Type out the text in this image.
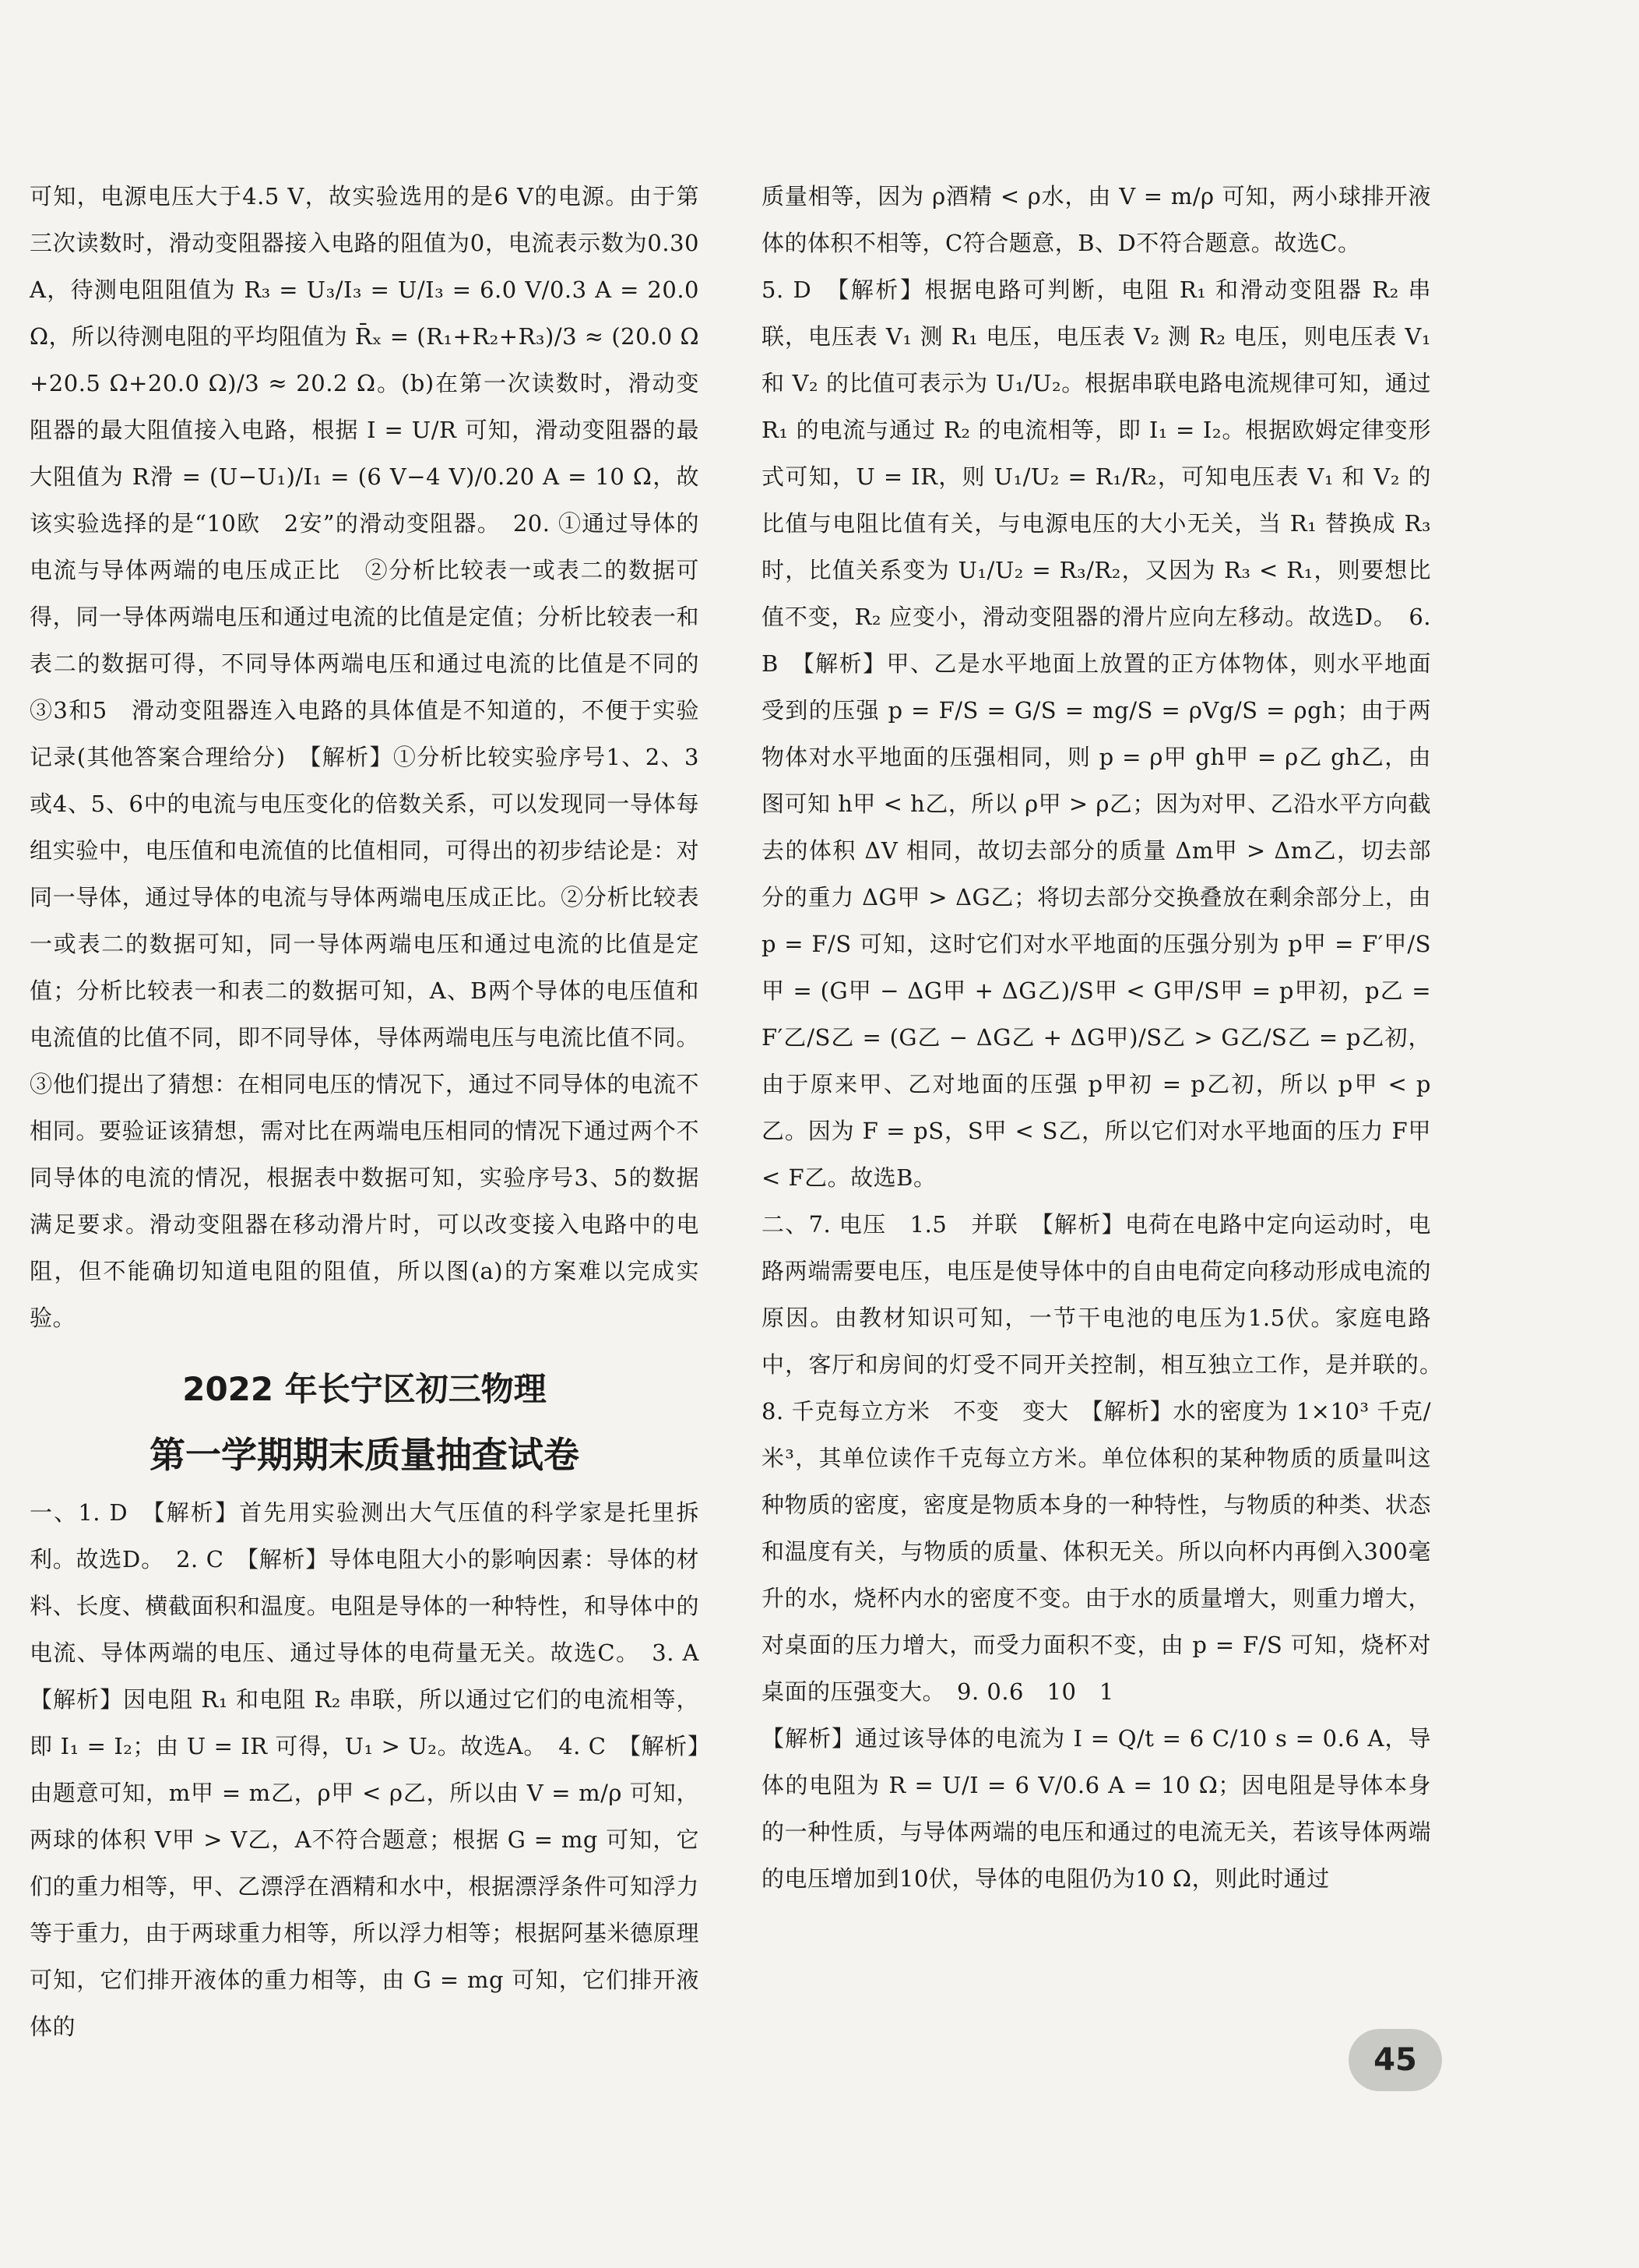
可知，电源电压大于4.5 V，故实验选用的是6 V的电源。由于第三次读数时，滑动变阻器接入电路的阻值为0，电流表示数为0.30 A，待测电阻阻值为 R₃ = U₃/I₃ = U/I₃ = 6.0 V/0.3 A = 20.0 Ω，所以待测电阻的平均阻值为 R̄ₓ = (R₁+R₂+R₃)/3 ≈ (20.0 Ω+20.5 Ω+20.0 Ω)/3 ≈ 20.2 Ω。(b)在第一次读数时，滑动变阻器的最大阻值接入电路，根据 I = U/R 可知，滑动变阻器的最大阻值为 R滑 = (U−U₁)/I₁ = (6 V−4 V)/0.20 A = 10 Ω，故该实验选择的是“10欧　2安”的滑动变阻器。　20. ①通过导体的电流与导体两端的电压成正比　②分析比较表一或表二的数据可得，同一导体两端电压和通过电流的比值是定值；分析比较表一和表二的数据可得，不同导体两端电压和通过电流的比值是不同的　③3和5　滑动变阻器连入电路的具体值是不知道的，不便于实验记录(其他答案合理给分)　【解析】①分析比较实验序号1、2、3或4、5、6中的电流与电压变化的倍数关系，可以发现同一导体每组实验中，电压值和电流值的比值相同，可得出的初步结论是：对同一导体，通过导体的电流与导体两端电压成正比。②分析比较表一或表二的数据可知，同一导体两端电压和通过电流的比值是定值；分析比较表一和表二的数据可知，A、B两个导体的电压值和电流值的比值不同，即不同导体，导体两端电压与电流比值不同。③他们提出了猜想：在相同电压的情况下，通过不同导体的电流不相同。要验证该猜想，需对比在两端电压相同的情况下通过两个不同导体的电流的情况，根据表中数据可知，实验序号3、5的数据满足要求。滑动变阻器在移动滑片时，可以改变接入电路中的电阻，但不能确切知道电阻的阻值，所以图(a)的方案难以完成实验。

2022 年长宁区初三物理
第一学期期末质量抽查试卷

一、1. D　【解析】首先用实验测出大气压值的科学家是托里拆利。故选D。　2. C　【解析】导体电阻大小的影响因素：导体的材料、长度、横截面积和温度。电阻是导体的一种特性，和导体中的电流、导体两端的电压、通过导体的电荷量无关。故选C。　3. A　【解析】因电阻 R₁ 和电阻 R₂ 串联，所以通过它们的电流相等，即 I₁ = I₂；由 U = IR 可得，U₁ > U₂。故选A。　4. C　【解析】由题意可知，m甲 = m乙，ρ甲 < ρ乙，所以由 V = m/ρ 可知，两球的体积 V甲 > V乙，A不符合题意；根据 G = mg 可知，它们的重力相等，甲、乙漂浮在酒精和水中，根据漂浮条件可知浮力等于重力，由于两球重力相等，所以浮力相等；根据阿基米德原理可知，它们排开液体的重力相等，由 G = mg 可知，它们排开液体的

质量相等，因为 ρ酒精 < ρ水，由 V = m/ρ 可知，两小球排开液体的体积不相等，C符合题意，B、D不符合题意。故选C。

5. D　【解析】根据电路可判断，电阻 R₁ 和滑动变阻器 R₂ 串联，电压表 V₁ 测 R₁ 电压，电压表 V₂ 测 R₂ 电压，则电压表 V₁ 和 V₂ 的比值可表示为 U₁/U₂。根据串联电路电流规律可知，通过 R₁ 的电流与通过 R₂ 的电流相等，即 I₁ = I₂。根据欧姆定律变形式可知，U = IR，则 U₁/U₂ = R₁/R₂，可知电压表 V₁ 和 V₂ 的比值与电阻比值有关，与电源电压的大小无关，当 R₁ 替换成 R₃ 时，比值关系变为 U₁/U₂ = R₃/R₂，又因为 R₃ < R₁，则要想比值不变，R₂ 应变小，滑动变阻器的滑片应向左移动。故选D。　6. B　【解析】甲、乙是水平地面上放置的正方体物体，则水平地面受到的压强 p = F/S = G/S = mg/S = ρVg/S = ρgh；由于两物体对水平地面的压强相同，则 p = ρ甲 gh甲 = ρ乙 gh乙，由图可知 h甲 < h乙，所以 ρ甲 > ρ乙；因为对甲、乙沿水平方向截去的体积 ΔV 相同，故切去部分的质量 Δm甲 > Δm乙，切去部分的重力 ΔG甲 > ΔG乙；将切去部分交换叠放在剩余部分上，由 p = F/S 可知，这时它们对水平地面的压强分别为 p甲 = F′甲/S甲 = (G甲 − ΔG甲 + ΔG乙)/S甲 < G甲/S甲 = p甲初，p乙 = F′乙/S乙 = (G乙 − ΔG乙 + ΔG甲)/S乙 > G乙/S乙 = p乙初，由于原来甲、乙对地面的压强 p甲初 = p乙初，所以 p甲 < p乙。因为 F = pS，S甲 < S乙，所以它们对水平地面的压力 F甲 < F乙。故选B。

二、7. 电压　1.5　并联　【解析】电荷在电路中定向运动时，电路两端需要电压，电压是使导体中的自由电荷定向移动形成电流的原因。由教材知识可知，一节干电池的电压为1.5伏。家庭电路中，客厅和房间的灯受不同开关控制，相互独立工作，是并联的。　8. 千克每立方米　不变　变大　【解析】水的密度为 1×10³ 千克/米³，其单位读作千克每立方米。单位体积的某种物质的质量叫这种物质的密度，密度是物质本身的一种特性，与物质的种类、状态和温度有关，与物质的质量、体积无关。所以向杯内再倒入300毫升的水，烧杯内水的密度不变。由于水的质量增大，则重力增大，对桌面的压力增大，而受力面积不变，由 p = F/S 可知，烧杯对桌面的压强变大。　9. 0.6　10　1

【解析】通过该导体的电流为 I = Q/t = 6 C/10 s = 0.6 A，导体的电阻为 R = U/I = 6 V/0.6 A = 10 Ω；因电阻是导体本身的一种性质，与导体两端的电压和通过的电流无关，若该导体两端的电压增加到10伏，导体的电阻仍为10 Ω，则此时通过

45
